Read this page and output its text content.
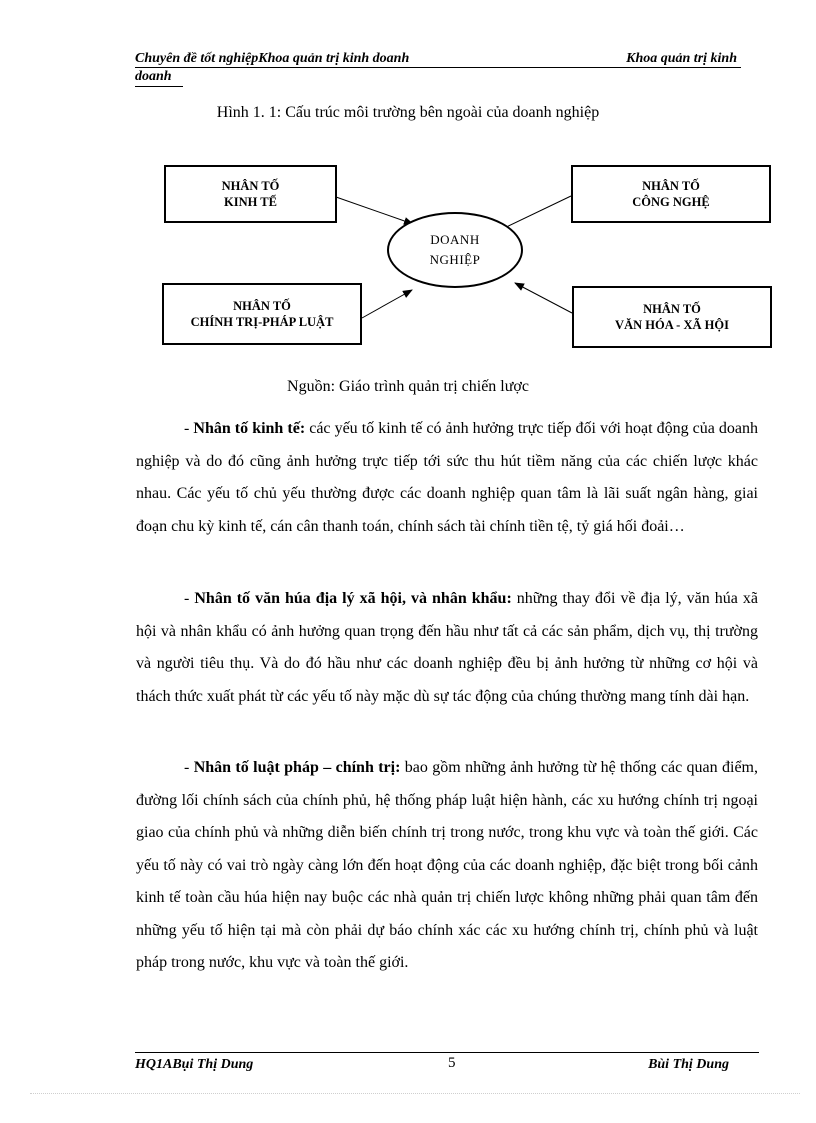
Chuyên đề tốt nghiệpKhoa quản trị kinh doanh	Khoa quản trị kinh
doanh
Hình 1. 1: Cấu trúc môi trường bên ngoài của doanh nghiệp
NHÂN TỐ
KINH TẾ
NHÂN TỐ
CÔNG NGHỆ
NHÂN TỐ
CHÍNH TRỊ-PHÁP LUẬT
NHÂN TỐ
VĂN HÓA - XÃ HỘI
DOANH
NGHIỆP
Nguồn: Giáo trình quản trị chiến lược

- Nhân tố kinh tế: các yếu tố kinh tế có ảnh hưởng trực tiếp đối với hoạt động của doanh nghiệp và do đó cũng ảnh hưởng trực tiếp tới sức thu hút tiềm năng của các chiến lược khác nhau. Các yếu tố chủ yếu thường được các doanh nghiệp quan tâm là lãi suất ngân hàng, giai đoạn chu kỳ kinh tế, cán cân thanh toán, chính sách tài chính tiền tệ, tỷ giá hối đoải…

- Nhân tố văn húa địa lý xã hội, và nhân khẩu: những thay đổi về địa lý, văn húa xã hội và nhân khẩu có ảnh hưởng quan trọng đến hầu như tất cả các sản phẩm, dịch vụ, thị trường và người tiêu thụ. Và do đó hầu như các doanh nghiệp đều bị ảnh hưởng từ những cơ hội và thách thức xuất phát từ các yếu tố này mặc dù sự tác động của chúng thường mang tính dài hạn.

- Nhân tố luật pháp – chính trị: bao gồm những ảnh hưởng từ hệ thống các quan điểm, đường lối chính sách của chính phủ, hệ thống pháp luật hiện hành, các xu hướng chính trị ngoại giao của chính phủ và những diễn biến chính trị trong nước, trong khu vực và toàn thế giới. Các yếu tố này có vai trò ngày càng lớn đến hoạt động của các doanh nghiệp, đặc biệt trong bối cảnh kinh tế toàn cầu húa hiện nay buộc các nhà quản trị chiến lược không những phải quan tâm đến những yếu tố hiện tại mà còn phải dự báo chính xác các xu hướng chính trị, chính phủ và luật pháp trong nước, khu vực và toàn thế giới.

HQ1ABụi Thị Dung	5	Bùi Thị Dung
